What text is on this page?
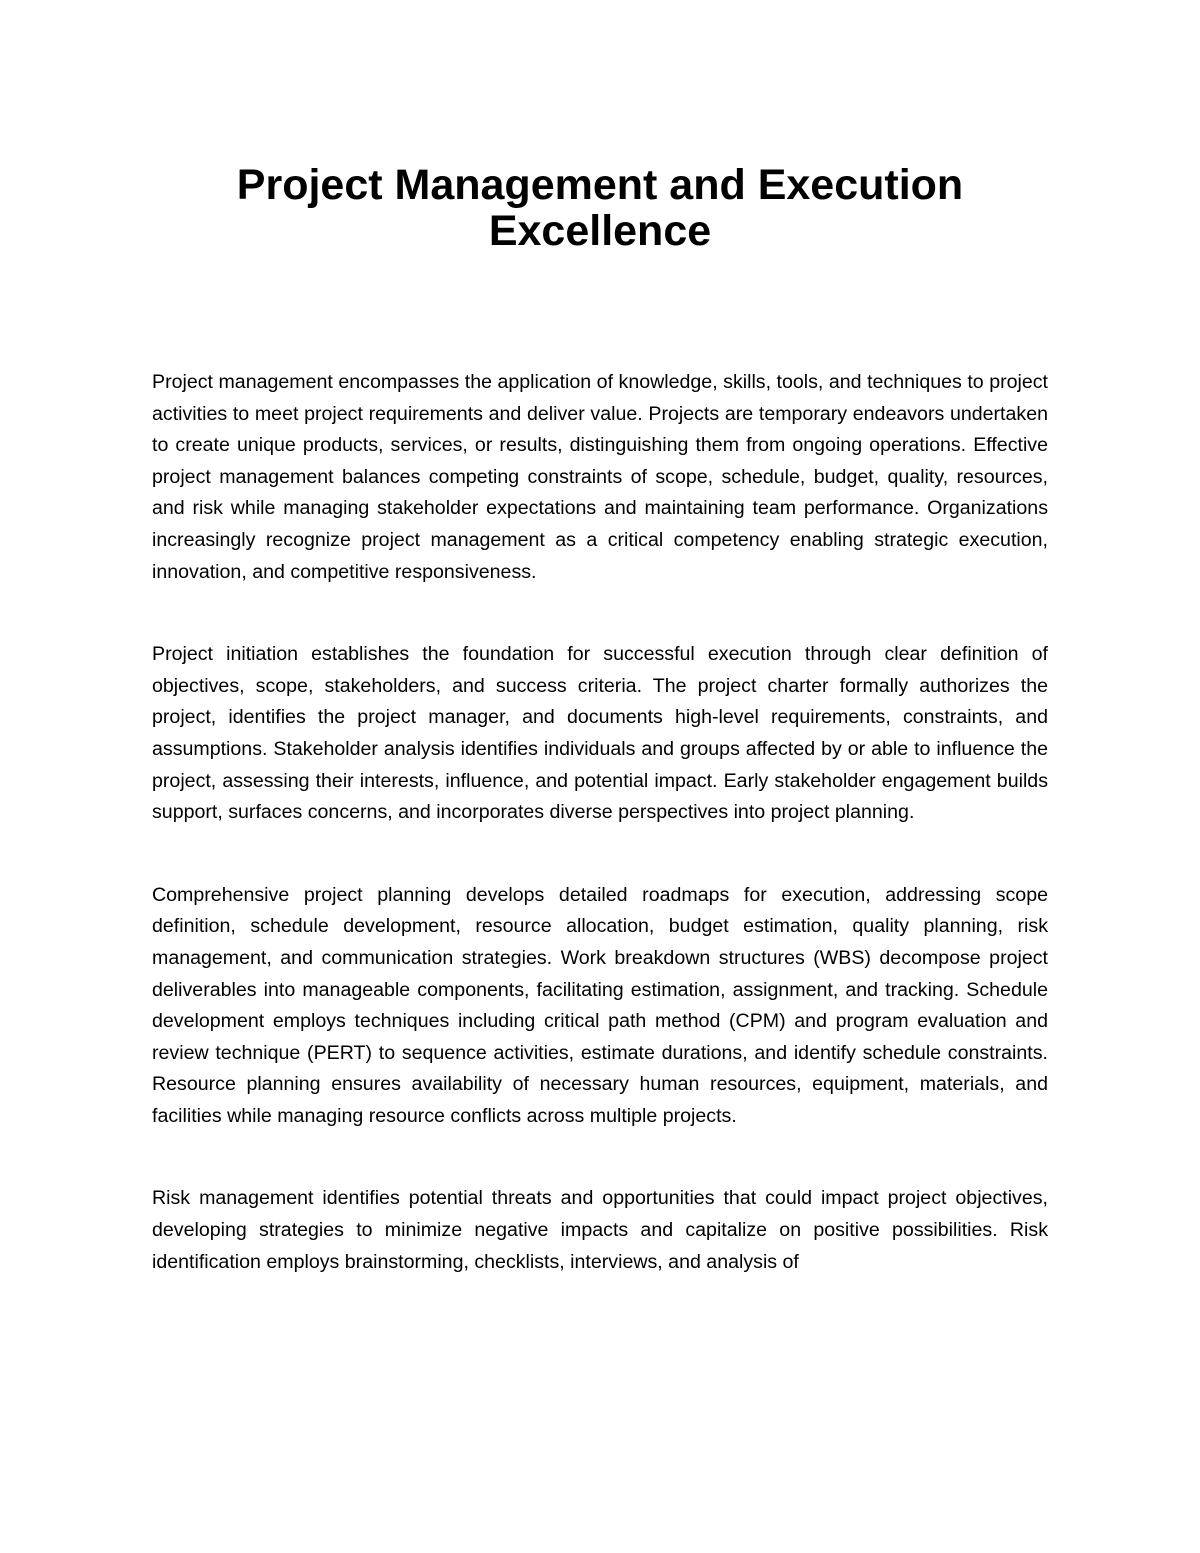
Project Management and Execution Excellence

Project management encompasses the application of knowledge, skills, tools, and techniques to project activities to meet project requirements and deliver value. Projects are temporary endeavors undertaken to create unique products, services, or results, distinguishing them from ongoing operations. Effective project management balances competing constraints of scope, schedule, budget, quality, resources, and risk while managing stakeholder expectations and maintaining team performance. Organizations increasingly recognize project management as a critical competency enabling strategic execution, innovation, and competitive responsiveness.

Project initiation establishes the foundation for successful execution through clear definition of objectives, scope, stakeholders, and success criteria. The project charter formally authorizes the project, identifies the project manager, and documents high-level requirements, constraints, and assumptions. Stakeholder analysis identifies individuals and groups affected by or able to influence the project, assessing their interests, influence, and potential impact. Early stakeholder engagement builds support, surfaces concerns, and incorporates diverse perspectives into project planning.

Comprehensive project planning develops detailed roadmaps for execution, addressing scope definition, schedule development, resource allocation, budget estimation, quality planning, risk management, and communication strategies. Work breakdown structures (WBS) decompose project deliverables into manageable components, facilitating estimation, assignment, and tracking. Schedule development employs techniques including critical path method (CPM) and program evaluation and review technique (PERT) to sequence activities, estimate durations, and identify schedule constraints. Resource planning ensures availability of necessary human resources, equipment, materials, and facilities while managing resource conflicts across multiple projects.

Risk management identifies potential threats and opportunities that could impact project objectives, developing strategies to minimize negative impacts and capitalize on positive possibilities. Risk identification employs brainstorming, checklists, interviews, and analysis of
